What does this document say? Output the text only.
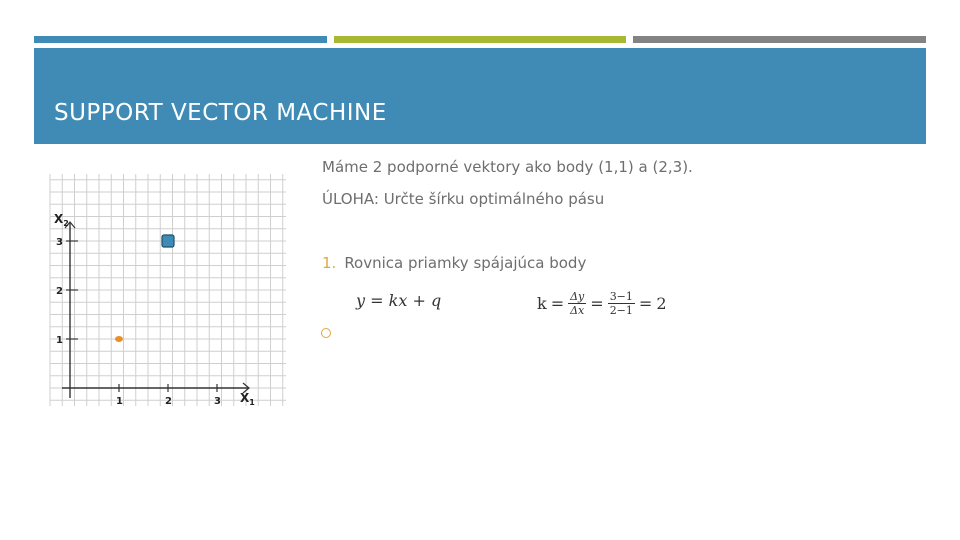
SUPPORT VECTOR MACHINE
1	2	3
1
2
3
$X_2$
$X_1$
Máme 2 podporné vektory ako body (1,1) a (2,3).
ÚLOHA: Určte šírku optimálného pásu
1. Rovnica priamky spájajúca body
y = kx + q	$k = \frac{\Delta y}{\Delta x} = \frac{3-1}{2-1} = 2$
